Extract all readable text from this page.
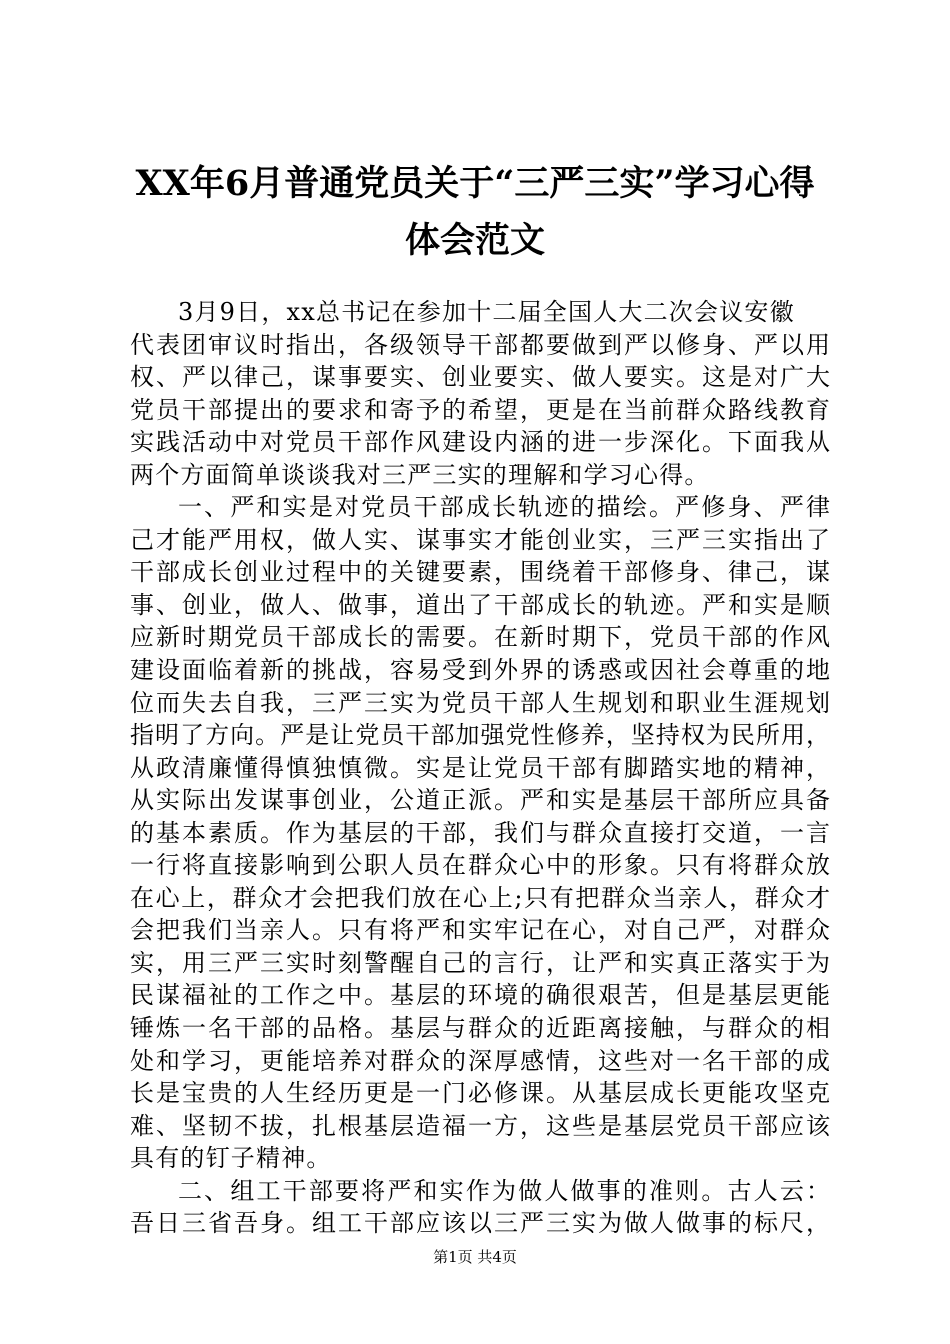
XX年6月普通党员关于“三严三实”学习心得
体会范文
3月9日，xx总书记在参加十二届全国人大二次会议安徽
代表团审议时指出，各级领导干部都要做到严以修身、严以用
权、严以律己，谋事要实、创业要实、做人要实。这是对广大
党员干部提出的要求和寄予的希望，更是在当前群众路线教育
实践活动中对党员干部作风建设内涵的进一步深化。下面我从
两个方面简单谈谈我对三严三实的理解和学习心得。
一、严和实是对党员干部成长轨迹的描绘。严修身、严律
己才能严用权，做人实、谋事实才能创业实，三严三实指出了
干部成长创业过程中的关键要素，围绕着干部修身、律己，谋
事、创业，做人、做事，道出了干部成长的轨迹。严和实是顺
应新时期党员干部成长的需要。在新时期下，党员干部的作风
建设面临着新的挑战，容易受到外界的诱惑或因社会尊重的地
位而失去自我，三严三实为党员干部人生规划和职业生涯规划
指明了方向。严是让党员干部加强党性修养，坚持权为民所用，
从政清廉懂得慎独慎微。实是让党员干部有脚踏实地的精神，
从实际出发谋事创业，公道正派。严和实是基层干部所应具备
的基本素质。作为基层的干部，我们与群众直接打交道，一言
一行将直接影响到公职人员在群众心中的形象。只有将群众放
在心上，群众才会把我们放在心上;只有把群众当亲人，群众才
会把我们当亲人。只有将严和实牢记在心，对自己严，对群众
实，用三严三实时刻警醒自己的言行，让严和实真正落实于为
民谋福祉的工作之中。基层的环境的确很艰苦，但是基层更能
锤炼一名干部的品格。基层与群众的近距离接触，与群众的相
处和学习，更能培养对群众的深厚感情，这些对一名干部的成
长是宝贵的人生经历更是一门必修课。从基层成长更能攻坚克
难、坚韧不拔，扎根基层造福一方，这些是基层党员干部应该
具有的钉子精神。
二、组工干部要将严和实作为做人做事的准则。古人云：
吾日三省吾身。组工干部应该以三严三实为做人做事的标尺，
第1页 共4页
